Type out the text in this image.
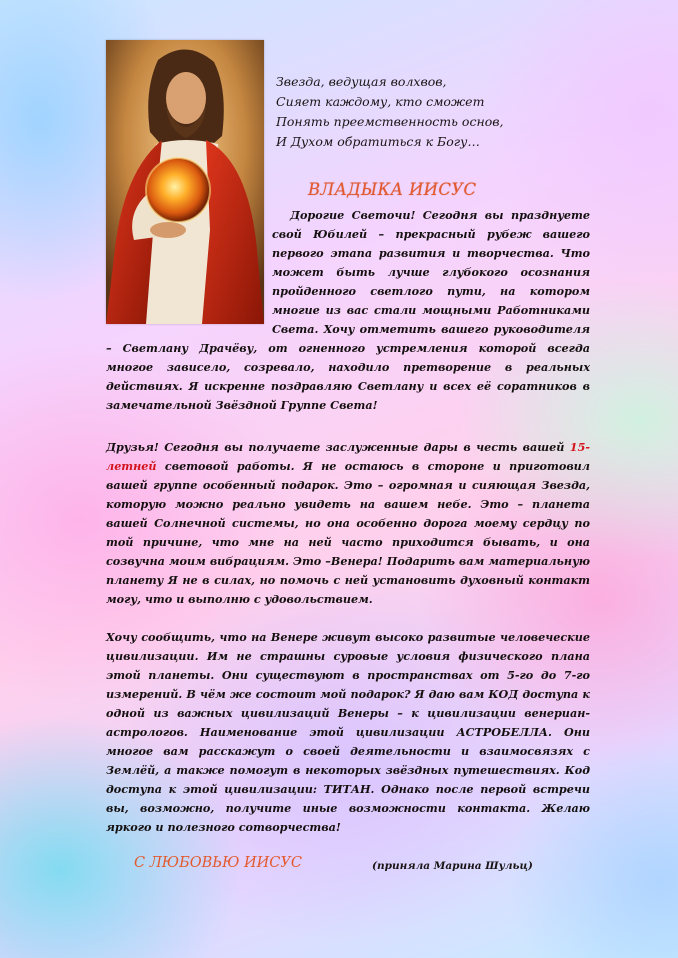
Звезда, ведущая волхвов,
Сияет каждому, кто сможет
Понять преемственность основ,
И Духом обратиться к Богу…
ВЛАДЫКА ИИСУС
Дорогие Светочи! Сегодня вы празднуете свой Юбилей – прекрасный рубеж вашего первого этапа развития и творчества. Что может быть лучше глубокого осознания пройденного светлого пути, на котором многие из вас стали мощными Работниками Света. Хочу отметить вашего руководителя – Светлану Драчёву, от огненного устремления которой всегда многое зависело, созревало, находило претворение в реальных действиях. Я искренне поздравляю Светлану и всех её соратников в замечательной Звёздной Группе Света!
Друзья! Сегодня вы получаете заслуженные дары в честь вашей 15-летней световой работы. Я не остаюсь в стороне и приготовил вашей группе особенный подарок. Это – огромная и сияющая Звезда, которую можно реально увидеть на вашем небе. Это – планета вашей Солнечной системы, но она особенно дорога моему сердцу по той причине, что мне на ней часто приходится бывать, и она созвучна моим вибрациям. Это –Венера! Подарить вам материальную планету Я не в силах, но помочь с ней установить духовный контакт могу, что и выполню с удовольствием.
Хочу сообщить, что на Венере живут высоко развитые человеческие цивилизации. Им не страшны суровые условия физического плана этой планеты. Они существуют в пространствах от 5-го до 7-го измерений. В чём же состоит мой подарок? Я даю вам КОД доступа к одной из важных цивилизаций Венеры – к цивилизации венериан-астрологов. Наименование этой цивилизации АСТРОБЕЛЛА. Они многое вам расскажут о своей деятельности и взаимосвязях с Землёй, а также помогут в некоторых звёздных путешествиях. Код доступа к этой цивилизации: ТИТАН. Однако после первой встречи вы, возможно, получите иные возможности контакта. Желаю яркого и полезного сотворчества!
С ЛЮБОВЬЮ ИИСУС	(приняла Марина Шульц)
